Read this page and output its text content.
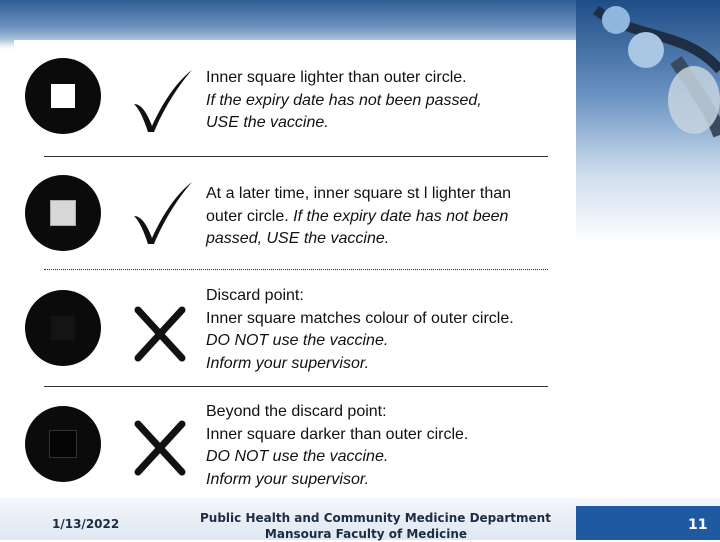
Inner square lighter than outer circle.
If the expiry date has not been passed,
USE the vaccine.
At a later time, inner square st l lighter than
outer circle. If the expiry date has not been
passed, USE the vaccine.
Discard point:
Inner square matches colour of outer circle.
DO NOT use the vaccine.
Inform your supervisor.
Beyond the discard point:
Inner square darker than outer circle.
DO NOT use the vaccine.
Inform your supervisor.
1/13/2022	Public Health and Community Medicine Department
Mansoura Faculty of Medicine
11
